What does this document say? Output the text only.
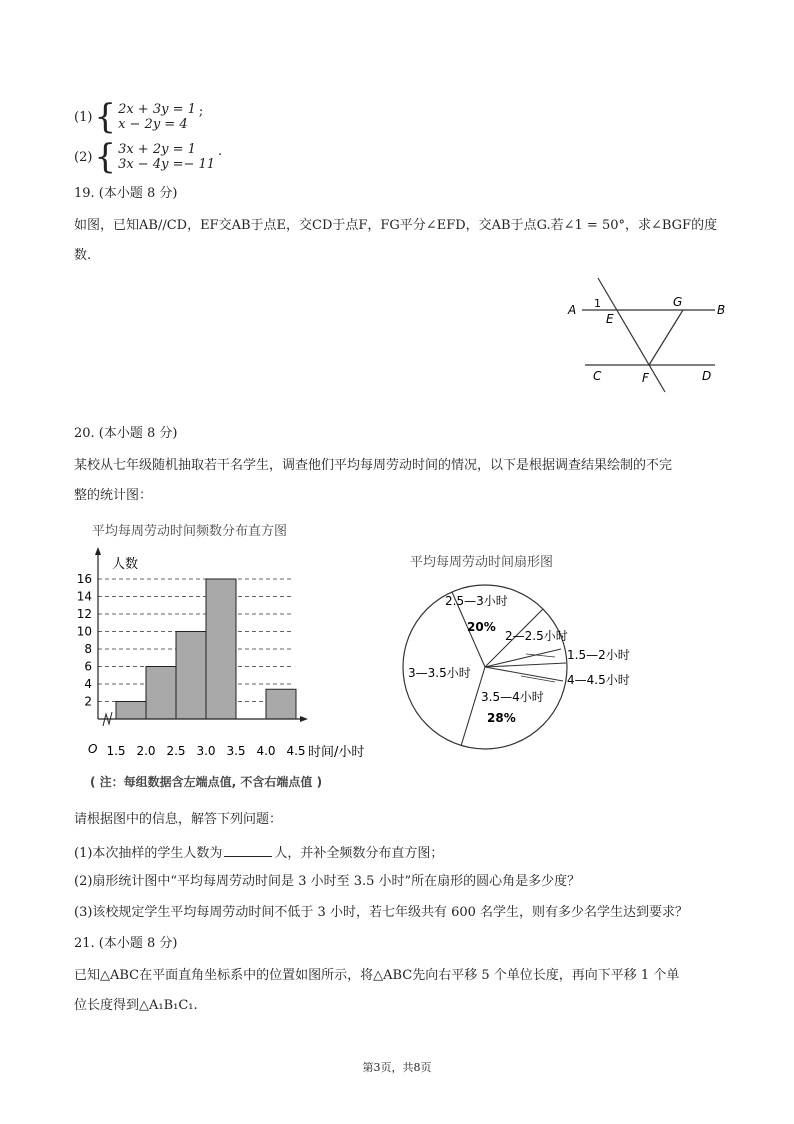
(1) { 2x + 3y = 1
x − 2y = 4
;
(2) { 3x + 2y = 1
3x − 4y =− 11
.
19. (本小题 8 分)
如图，已知AB//CD，EF交AB于点E，交CD于点F，FG平分∠EFD，交AB于点G.若∠1 = 50°，求∠BGF的度
数.
A	B
C	D
E
F
G
1
20. (本小题 8 分)
某校从七年级随机抽取若干名学生，调查他们平均每周劳动时间的情况，以下是根据调查结果绘制的不完
整的统计图：
平均每周劳动时间频数分布直方图
2
4
6
8
10
12
14
16
1.5 2.0 2.5 3.0 3.5 4.0 4.5
人数
时间/小时
O
平均每周劳动时间扇形图
2.5—3小时
20%
2—2.5小时
1.5—2小时
4—4.5小时
3.5—4小时
28%
3—3.5小时
( 注：每组数据含左端点值, 不含右端点值 )
请根据图中的信息，解答下列问题：
(1)本次抽样的学生人数为	人，并补全频数分布直方图；
(2)扇形统计图中“平均每周劳动时间是 3 小时至 3.5 小时”所在扇形的圆心角是多少度？
(3)该校规定学生平均每周劳动时间不低于 3 小时，若七年级共有 600 名学生，则有多少名学生达到要求？
21. (本小题 8 分)
已知△ABC在平面直角坐标系中的位置如图所示，将△ABC先向右平移 5 个单位长度，再向下平移 1 个单
位长度得到△A₁B₁C₁.
第3页，共8页
